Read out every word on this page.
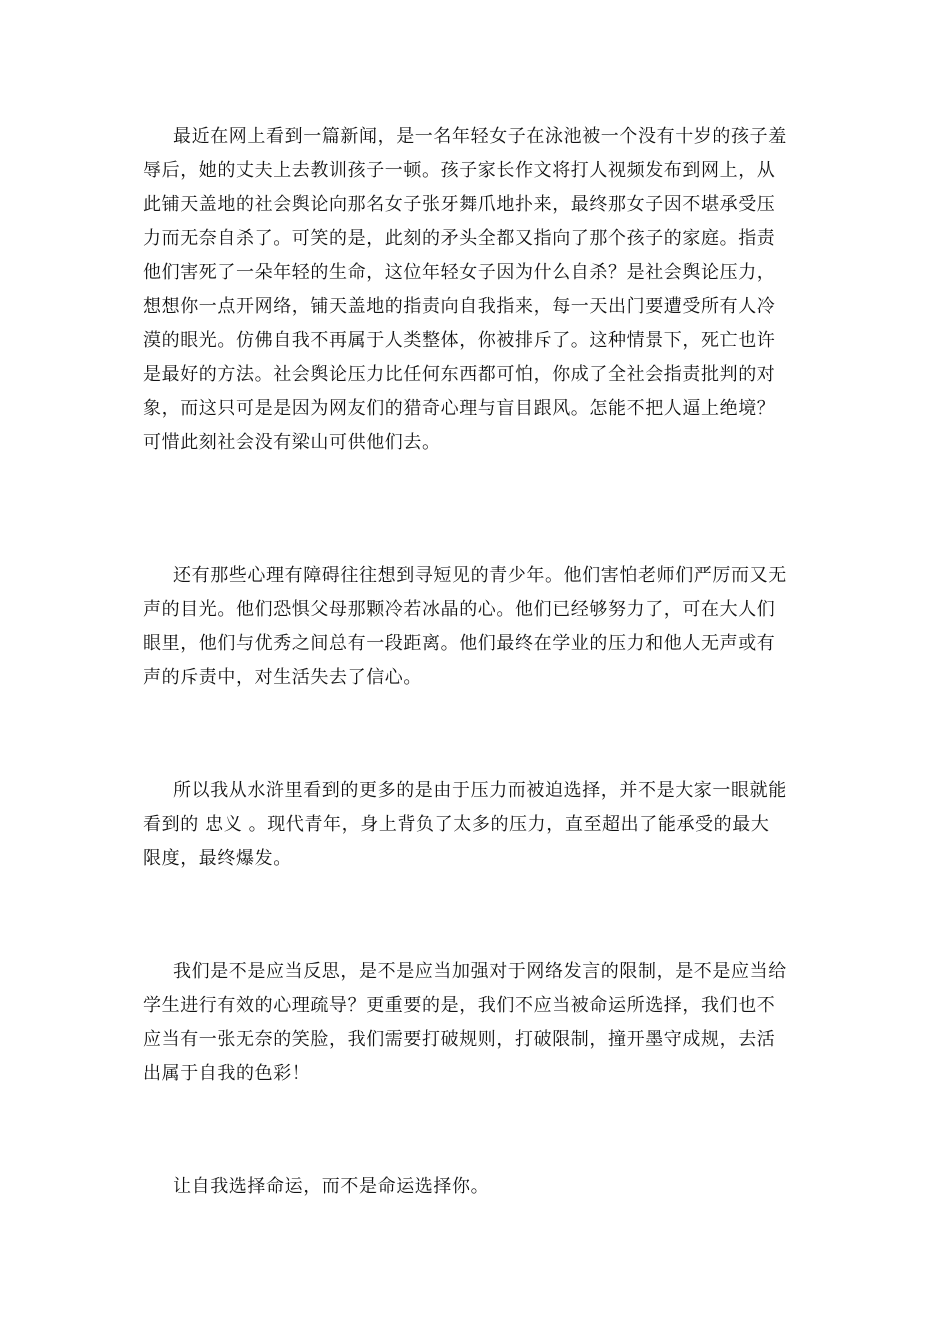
最近在网上看到一篇新闻，是一名年轻女子在泳池被一个没有十岁的孩子羞
辱后，她的丈夫上去教训孩子一顿。孩子家长作文将打人视频发布到网上，从
此铺天盖地的社会舆论向那名女子张牙舞爪地扑来，最终那女子因不堪承受压
力而无奈自杀了。可笑的是，此刻的矛头全都又指向了那个孩子的家庭。指责
他们害死了一朵年轻的生命，这位年轻女子因为什么自杀？是社会舆论压力，
想想你一点开网络，铺天盖地的指责向自我指来，每一天出门要遭受所有人冷
漠的眼光。仿佛自我不再属于人类整体，你被排斥了。这种情景下，死亡也许
是最好的方法。社会舆论压力比任何东西都可怕，你成了全社会指责批判的对
象，而这只可是是因为网友们的猎奇心理与盲目跟风。怎能不把人逼上绝境？
可惜此刻社会没有梁山可供他们去。

还有那些心理有障碍往往想到寻短见的青少年。他们害怕老师们严厉而又无
声的目光。他们恐惧父母那颗冷若冰晶的心。他们已经够努力了，可在大人们
眼里，他们与优秀之间总有一段距离。他们最终在学业的压力和他人无声或有
声的斥责中，对生活失去了信心。

所以我从水浒里看到的更多的是由于压力而被迫选择，并不是大家一眼就能
看到的 忠义 。现代青年，身上背负了太多的压力，直至超出了能承受的最大
限度，最终爆发。

我们是不是应当反思，是不是应当加强对于网络发言的限制，是不是应当给
学生进行有效的心理疏导？更重要的是，我们不应当被命运所选择，我们也不
应当有一张无奈的笑脸，我们需要打破规则，打破限制，撞开墨守成规，去活
出属于自我的色彩！

让自我选择命运，而不是命运选择你。
